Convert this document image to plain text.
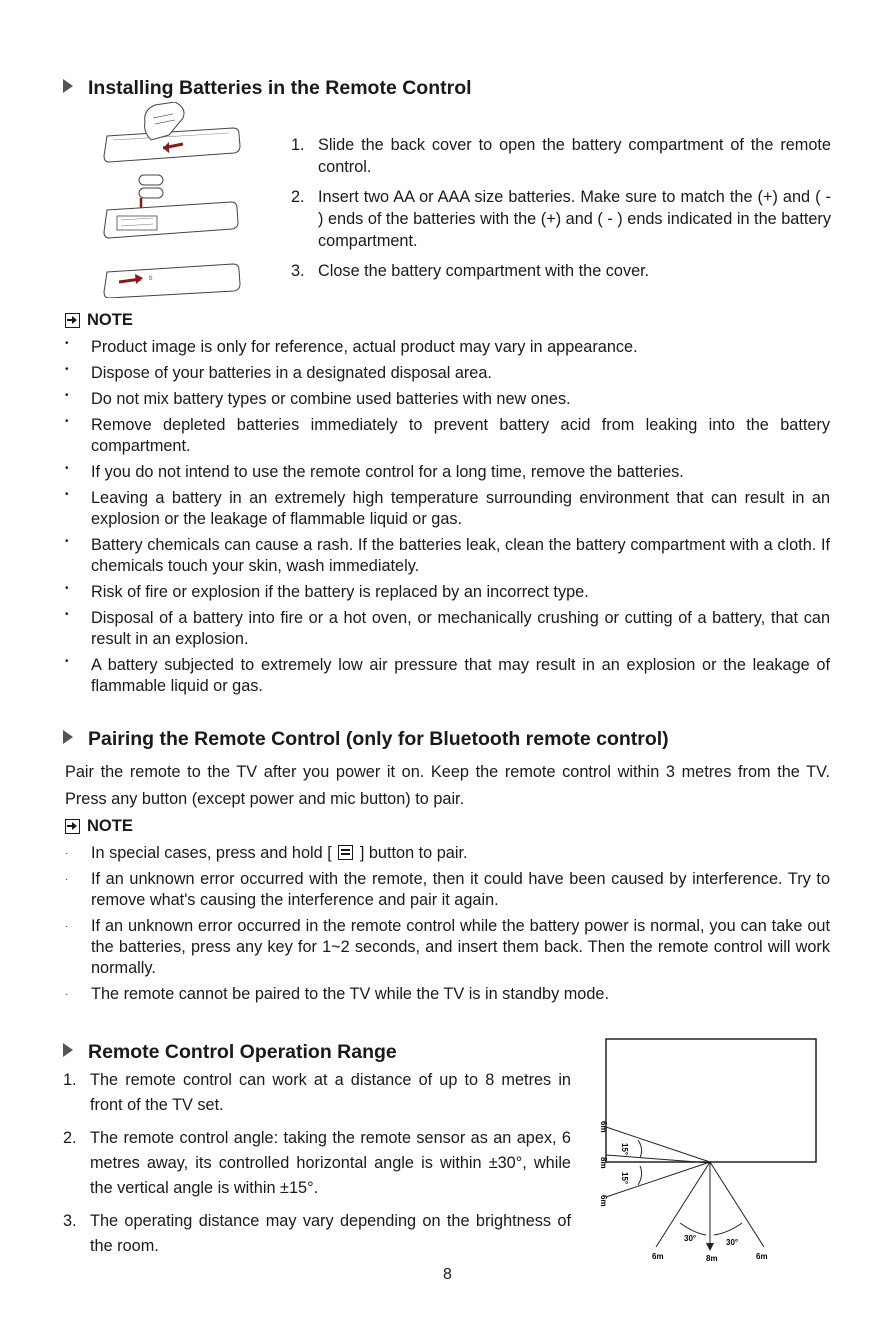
Installing Batteries in the Remote Control
ti
1. Slide the back cover to open the battery compartment of the remote control.
2. Insert two AA or AAA size batteries. Make sure to match the (+) and ( - ) ends of the batteries with the (+) and ( - ) ends indicated in the battery compartment.
3. Close the battery compartment with the cover.
NOTE
•	Product image is only for reference, actual product may vary in appearance.
•	Dispose of your batteries in a designated disposal area.
•	Do not mix battery types or combine used batteries with new ones.
•	Remove depleted batteries immediately to prevent battery acid from leaking into the battery compartment.
•	If you do not intend to use the remote control for a long time, remove the batteries.
•	Leaving a battery in an extremely high temperature surrounding environment that can result in an explosion or the leakage of flammable liquid or gas.
•	Battery chemicals can cause a rash. If the batteries leak, clean the battery compartment with a cloth. If chemicals touch your skin, wash immediately.
•	Risk of fire or explosion if the battery is replaced by an incorrect type.
•	Disposal of a battery into fire or a hot oven, or mechanically crushing or cutting of a battery, that can result in an explosion.
•	A battery subjected to extremely low air pressure that may result in an explosion or the leakage of flammable liquid or gas.
Pairing the Remote Control (only for Bluetooth remote control)
Pair the remote to the TV after you power it on. Keep the remote control within 3 metres from the TV. Press any button (except power and mic button) to pair.
NOTE
·	In special cases, press and hold [ ] button to pair.
·	If an unknown error occurred with the remote, then it could have been caused by interference. Try to remove what's causing the interference and pair it again.
·	If an unknown error occurred in the remote control while the battery power is normal, you can take out the batteries, press any key for 1~2 seconds, and insert them back. Then the remote control will work normally.
·	The remote cannot be paired to the TV while the TV is in standby mode.
Remote Control Operation Range
1. The remote control can work at a distance of up to 8 metres in front of the TV set.
2. The remote control angle: taking the remote sensor as an apex, 6 metres away, its controlled horizontal angle is within ±30°, while the vertical angle is within ±15°.
3. The operating distance may vary depending on the brightness of the room.
6m
15°
8m
15°
6m
30°	30°
6m	8m	6m
8
